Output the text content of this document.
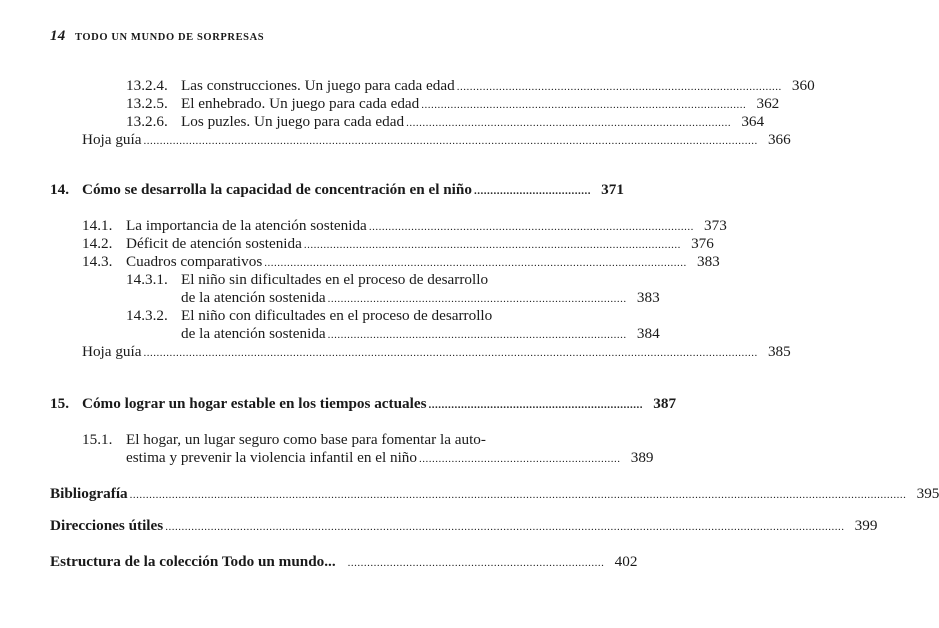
14 TODO UN MUNDO DE SORPRESAS
13.2.4. Las construcciones. Un juego para cada edad .................................................................................................... 360
13.2.5. El enhebrado. Un juego para cada edad .................................................................................................... 362
13.2.6. Los puzles. Un juego para cada edad .................................................................................................... 364
Hoja guía ............................................................................................................................................................................................. 366
14. Cómo se desarrolla la capacidad de concentración en el niño .................................... 371
14.1. La importancia de la atención sostenida .................................................................................................... 373
14.2. Déficit de atención sostenida .................................................................................................................... 376
14.3. Cuadros comparativos .................................................................................................................................. 383
14.3.1. El niño sin dificultades en el proceso de desarrollo
de la atención sostenida ............................................................................................ 383
14.3.2. El niño con dificultades en el proceso de desarrollo
de la atención sostenida ............................................................................................ 384
Hoja guía ............................................................................................................................................................................................. 385
15. Cómo lograr un hogar estable en los tiempos actuales .................................................................. 387
15.1. El hogar, un lugar seguro como base para fomentar la auto-
estima y prevenir la violencia infantil en el niño .............................................................. 389
Bibliografía ............................................................................................................................................................................................................................................... 395
Direcciones útiles ................................................................................................................................................................................................................. 399
Estructura de la colección Todo un mundo... ............................................................................... 402
